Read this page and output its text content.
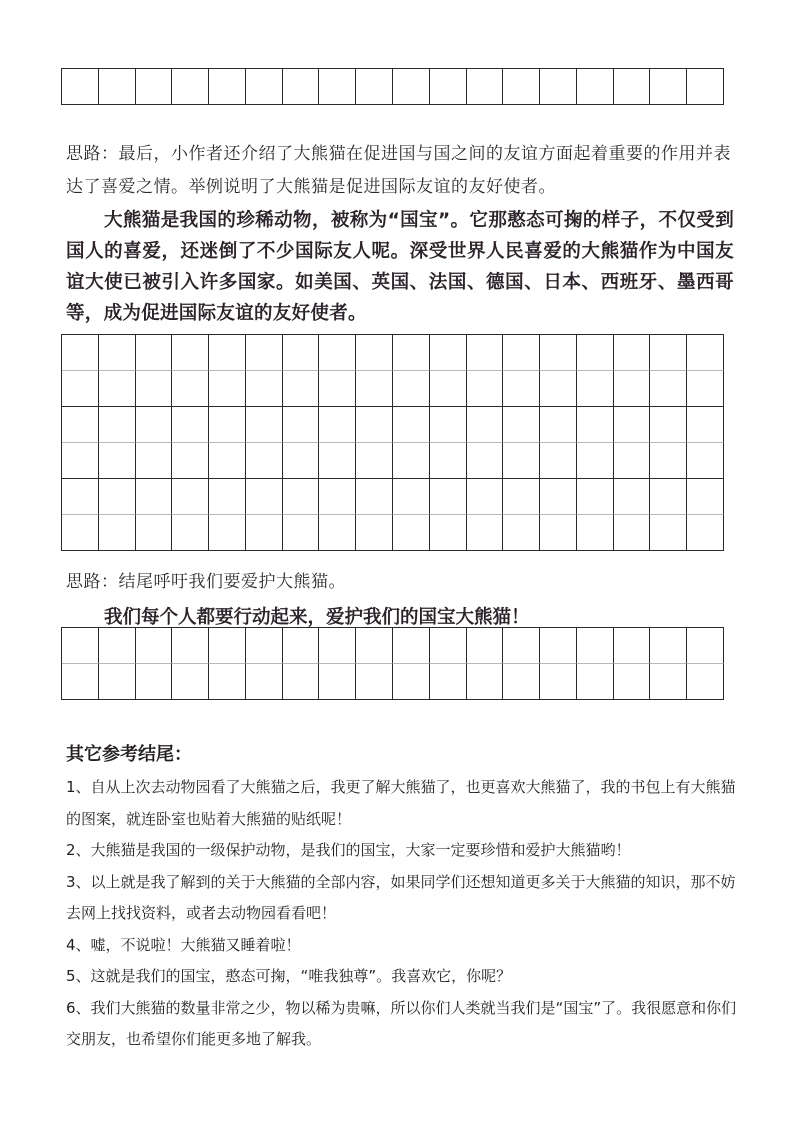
思路：最后，小作者还介绍了大熊猫在促进国与国之间的友谊方面起着重要的作用并表达了喜爱之情。举例说明了大熊猫是促进国际友谊的友好使者。

大熊猫是我国的珍稀动物，被称为“国宝”。它那憨态可掬的样子，不仅受到国人的喜爱，还迷倒了不少国际友人呢。深受世界人民喜爱的大熊猫作为中国友谊大使已被引入许多国家。如美国、英国、法国、德国、日本、西班牙、墨西哥等，成为促进国际友谊的友好使者。

思路：结尾呼吁我们要爱护大熊猫。

我们每个人都要行动起来，爱护我们的国宝大熊猫！

其它参考结尾：
1、自从上次去动物园看了大熊猫之后，我更了解大熊猫了，也更喜欢大熊猫了，我的书包上有大熊猫的图案，就连卧室也贴着大熊猫的贴纸呢！
2、大熊猫是我国的一级保护动物，是我们的国宝，大家一定要珍惜和爱护大熊猫哟！
3、以上就是我了解到的关于大熊猫的全部内容，如果同学们还想知道更多关于大熊猫的知识，那不妨去网上找找资料，或者去动物园看看吧！
4、嘘，不说啦！大熊猫又睡着啦！
5、这就是我们的国宝，憨态可掬，“唯我独尊”。我喜欢它，你呢？
6、我们大熊猫的数量非常之少，物以稀为贵嘛，所以你们人类就当我们是“国宝”了。我很愿意和你们交朋友，也希望你们能更多地了解我。
